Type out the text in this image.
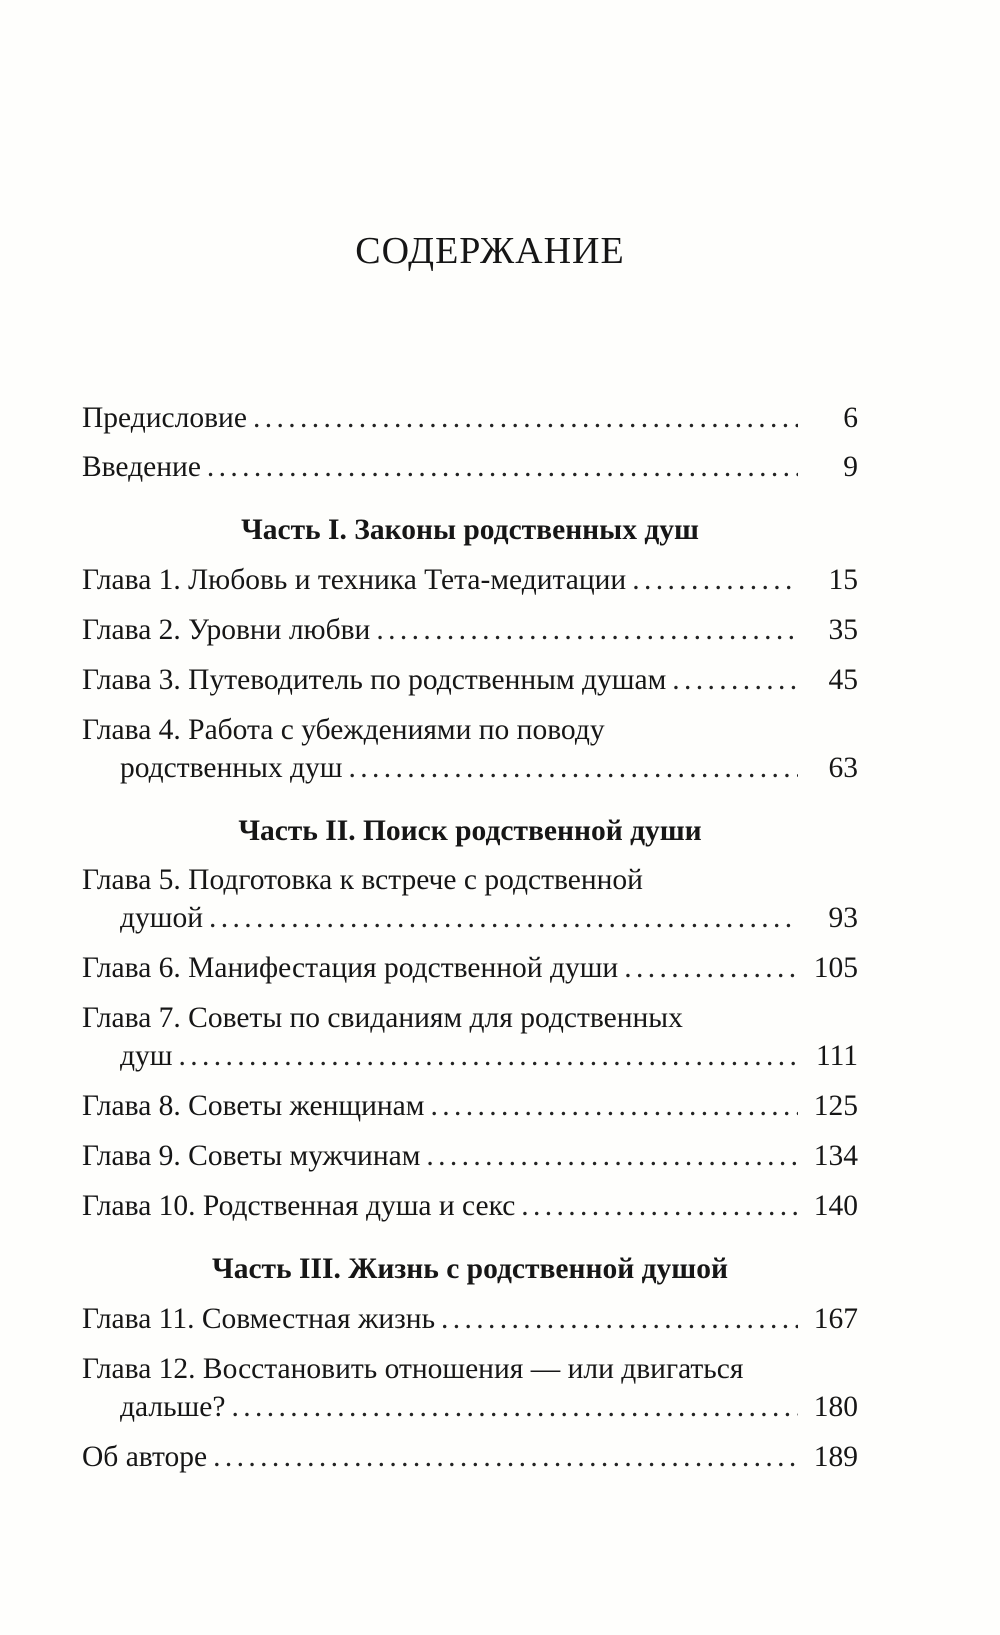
СОДЕРЖАНИЕ
Предисловие . . .	6
Введение . . .	9
Часть I. Законы родственных душ
Глава 1. Любовь и техника Тета-медитации . . .	15
Глава 2. Уровни любви . . .	35
Глава 3. Путеводитель по родственным душам . . .	45
Глава 4. Работа с убеждениями по поводу
родственных душ . . .	63
Часть II. Поиск родственной души
Глава 5. Подготовка к встрече с родственной
душой . . .	93
Глава 6. Манифестация родственной души . . .	105
Глава 7. Советы по свиданиям для родственных
душ . . .	111
Глава 8. Советы женщинам . . .	125
Глава 9. Советы мужчинам . . .	134
Глава 10. Родственная душа и секс . . .	140
Часть III. Жизнь с родственной душой
Глава 11. Совместная жизнь . . .	167
Глава 12. Восстановить отношения — или двигаться
дальше? . . .	180
Об авторе . . .	189
